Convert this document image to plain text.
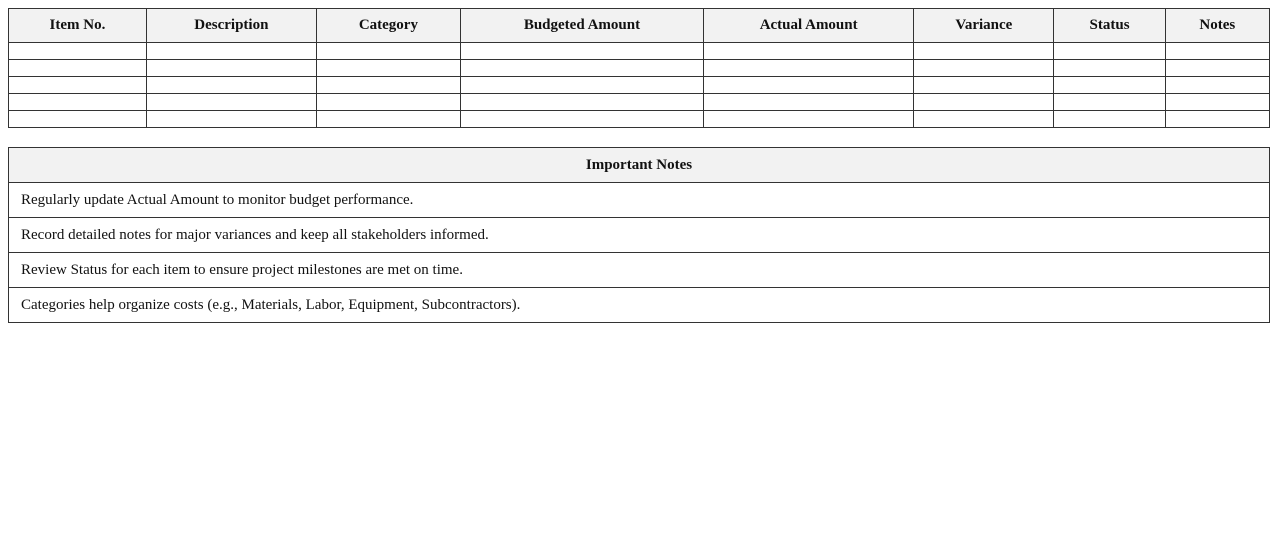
Item No.	Description	Category	Budgeted Amount	Actual Amount	Variance	Status	Notes

Important Notes
Regularly update Actual Amount to monitor budget performance.
Record detailed notes for major variances and keep all stakeholders informed.
Review Status for each item to ensure project milestones are met on time.
Categories help organize costs (e.g., Materials, Labor, Equipment, Subcontractors).
